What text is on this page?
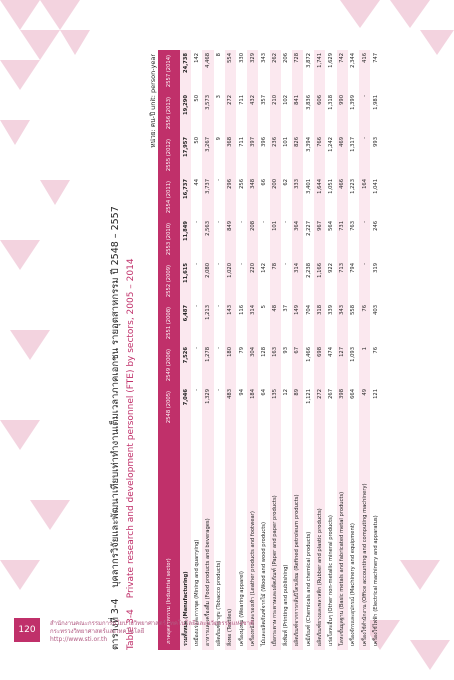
ตารางที่ 3-4 บุคลากรวิจัยและพัฒนาเทียบเท่าทำงานเต็มเวลาภาคเอกชน รายอุตสาหกรรม ปี 2548 – 2557
Table 3-4 Private research and development personnel (FTE) by sectors, 2005 – 2014
หน่วย: คน-ปี unit: person-year
ภาคอุตสาหกรรม (Industrial sector)	2548 (2005)	2549 (2006)	2551 (2008)	2552 (2009)	2553 (2010)	2554 (2011)	2555 (2012)	2556 (2013)	2557 (2014)
รวมทั้งหมด (Manufacturing)	7,046	7,526	6,487	11,615	11,849	16,737	17,957	19,290	24,738
เหมืองแร่และการขุด (Mining and quarrying)	-	-	-	-	-	44	50	50	142
อาหารและเครื่องดื่ม (Food products and beverages)	1,329	1,278	1,213	2,080	2,563	3,737	3,267	3,573	4,468
ผลิตภัณฑ์ยาสูบ (Tobacco products)	-	-	-	-	-	-	9	3	8
สิ่งทอ (Textiles)	483	180	143	1,020	849	296	368	272	554
เครื่องนุ่งห่ม (Wearing apparel)	94	79	116	-	-	256	711	711	330
เครื่องหนังและรองเท้า (Leather products and footwear)	184	304	314	220	208	348	397	432	329
ไม้และผลิตภัณฑ์จากไม้ (Wood and wood products)	64	128	5	142	-	66	396	357	343
เยื่อกระดาษ กระดาษและผลิตภัณฑ์ (Paper and paper products)	135	163	48	78	101	200	236	210	262
สิ่งพิมพ์ (Printing and publishing)	12	93	37	-	-	62	101	102	206
ผลิตภัณฑ์จากการกลั่นปิโตรเลียม (Refined petroleum products)	89	67	149	314	364	333	826	841	728
เคมีภัณฑ์ (Chemicals and chemical products)	1,121	1,466	704	2,238	2,227	3,401	3,394	3,836	3,872
ผลิตภัณฑ์ยางและพลาสติก (Rubber and plastic products)	272	698	318	1,166	967	1,644	766	606	1,741
แร่อโลหะอื่นๆ (Other non-metallic mineral products)	267	474	339	922	564	1,051	1,242	1,318	1,629
โลหะขั้นมูลฐาน (Basic metals and fabricated metal products)	398	127	343	713	731	466	469	990	742
เครื่องจักรและอุปกรณ์ (Machinery and equipment)	664	1,093	558	794	763	1,223	1,317	1,399	2,344
เครื่องใช้สำนักงาน (Office accounting and computing machinery)	49	1	76	-	-	164	-	-	416
เครื่องใช้ไฟฟ้า (Electrical machinery and apparatus)	121	76	403	319	246	1,041	993	1,981	747
120
สำนักงานคณะกรรมการนโยบายวิทยาศาสตร์ เทคโนโลยีและนวัตกรรมแห่งชาติ
กระทรวงวิทยาศาสตร์และเทคโนโลยี
http://www.sti.or.th
